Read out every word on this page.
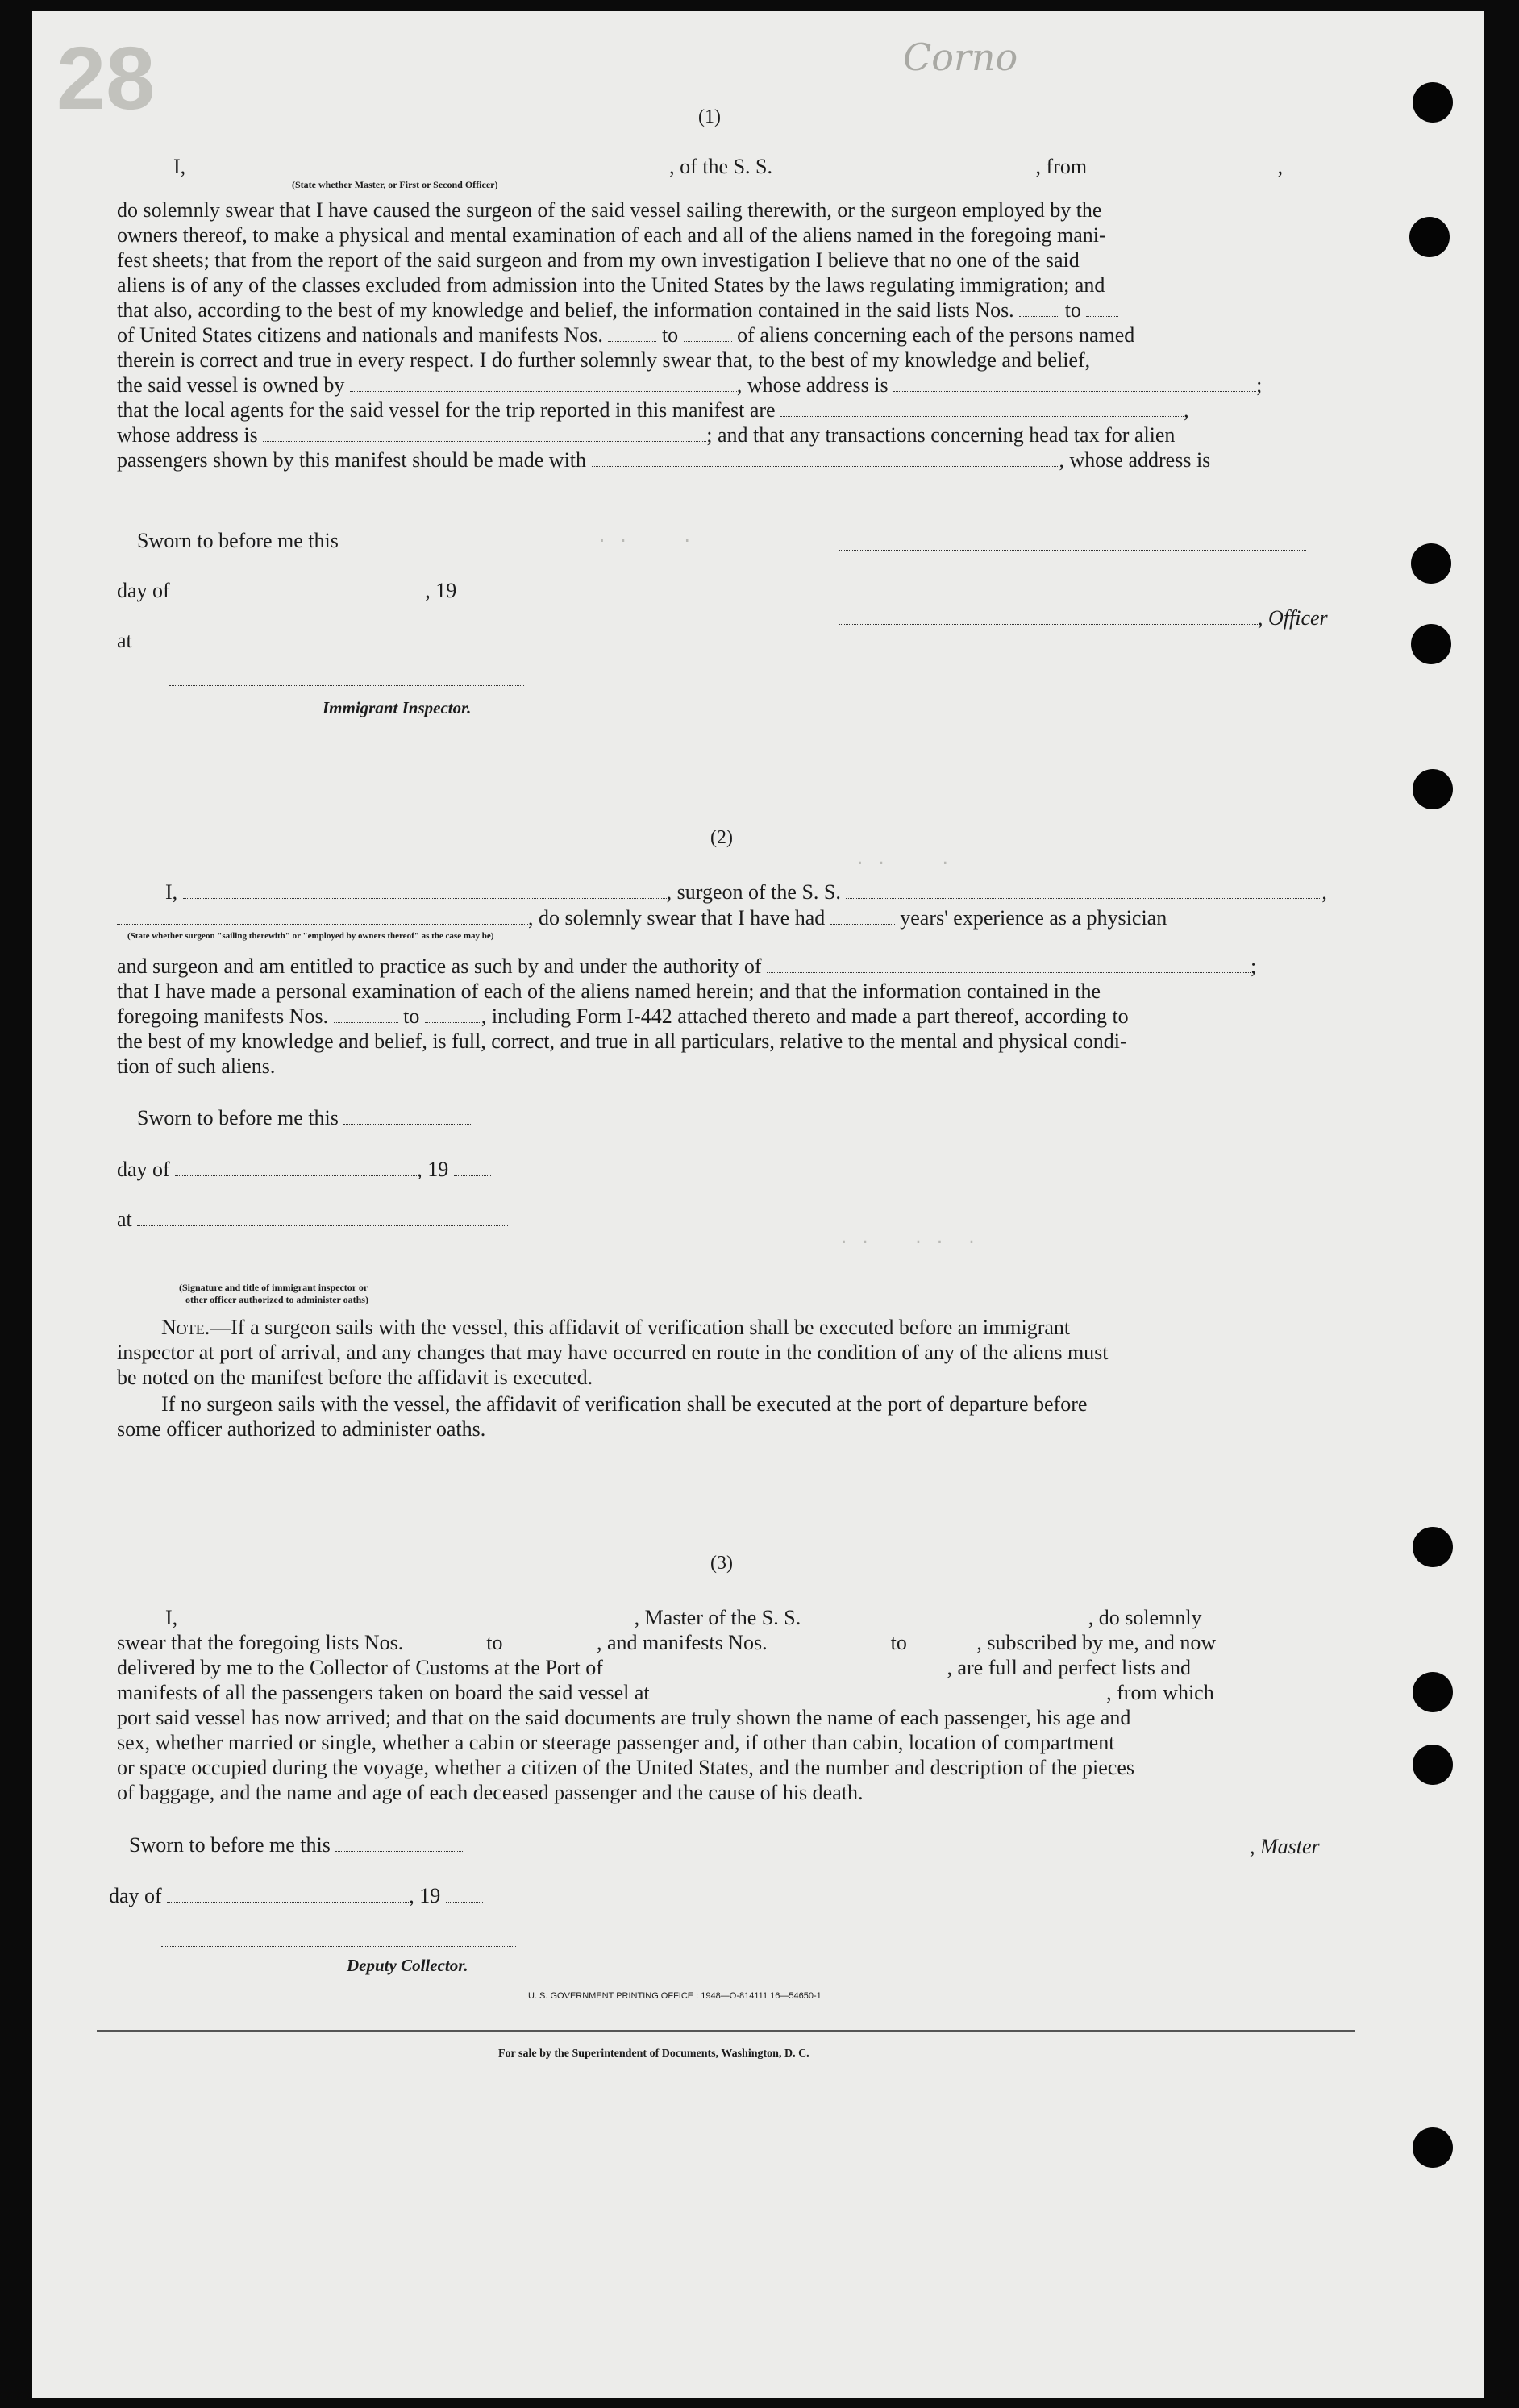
28	Corno
. .     .
. .     .
. .    . .  .
(1)
I,	, of the S. S.	, from	,
(State whether Master, or First or Second Officer)
do solemnly swear that I have caused the surgeon of the said vessel sailing therewith, or the surgeon employed by the
owners thereof, to make a physical and mental examination of each and all of the aliens named in the foregoing mani-
fest sheets; that from the report of the said surgeon and from my own investigation I believe that no one of the said
aliens is of any of the classes excluded from admission into the United States by the laws regulating immigration; and
that also, according to the best of my knowledge and belief, the information contained in the said lists Nos. to
of United States citizens and nationals and manifests Nos.	to	of aliens concerning each of the persons named
therein is correct and true in every respect. I do further solemnly swear that, to the best of my knowledge and belief,
the said vessel is owned by	, whose address is	;
that the local agents for the said vessel for the trip reported in this manifest are	,
whose address is	; and that any transactions concerning head tax for alien
passengers shown by this manifest should be made with	, whose address is
Sworn to before me this
day of	, 19
, Officer
at
Immigrant Inspector.
(2)
I,	, surgeon of the S. S.	,
, do solemnly swear that I have had	years' experience as a physician
(State whether surgeon "sailing therewith" or "employed by owners thereof" as the case may be)
and surgeon and am entitled to practice as such by and under the authority of	;
that I have made a personal examination of each of the aliens named herein; and that the information contained in the
foregoing manifests Nos.	to	, including Form I-442 attached thereto and made a part thereof, according to
the best of my knowledge and belief, is full, correct, and true in all particulars, relative to the mental and physical condi-
tion of such aliens.
Sworn to before me this
day of	, 19
at
(Signature and title of immigrant inspector or
other officer authorized to administer oaths)
Note.—If a surgeon sails with the vessel, this affidavit of verification shall be executed before an immigrant
inspector at port of arrival, and any changes that may have occurred en route in the condition of any of the aliens must
be noted on the manifest before the affidavit is executed.
If no surgeon sails with the vessel, the affidavit of verification shall be executed at the port of departure before
some officer authorized to administer oaths.
(3)
I,	, Master of the S. S.	, do solemnly
swear that the foregoing lists Nos.	to	, and manifests Nos.	to	, subscribed by me, and now
delivered by me to the Collector of Customs at the Port of	, are full and perfect lists and
manifests of all the passengers taken on board the said vessel at	, from which
port said vessel has now arrived; and that on the said documents are truly shown the name of each passenger, his age and
sex, whether married or single, whether a cabin or steerage passenger and, if other than cabin, location of compartment
or space occupied during the voyage, whether a citizen of the United States, and the number and description of the pieces
of baggage, and the name and age of each deceased passenger and the cause of his death.
Sworn to before me this	, Master
day of	, 19
Deputy Collector.
U. S. GOVERNMENT PRINTING OFFICE : 1948—O-814111 16—54650-1
For sale by the Superintendent of Documents, Washington, D. C.
